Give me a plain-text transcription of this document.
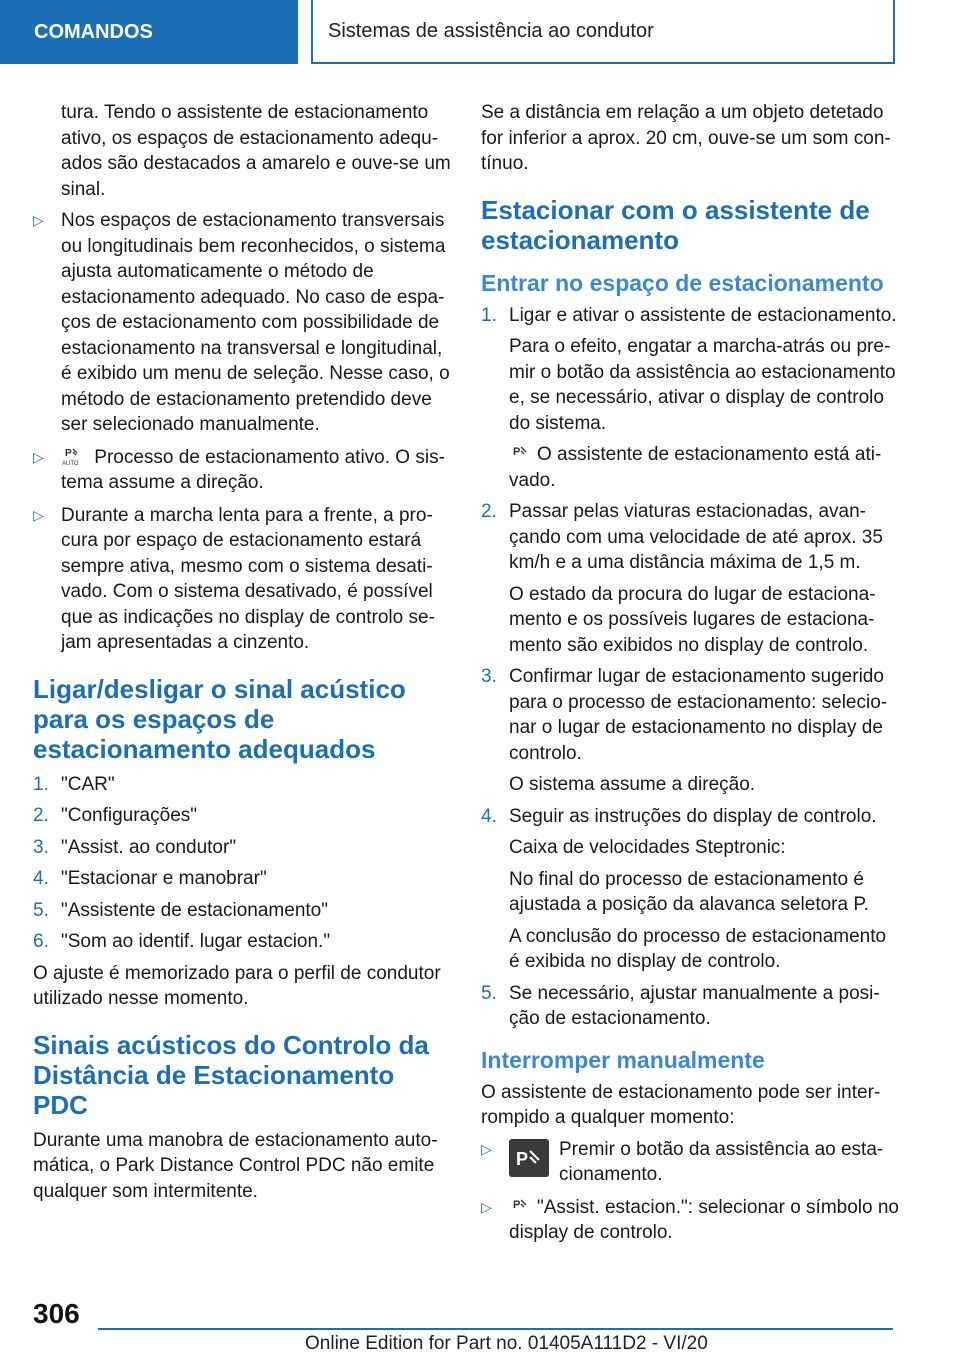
COMANDOS	Sistemas de assistência ao condutor

tura. Tendo o assistente de estacionamento ativo, os espaços de estacionamento adequados são destacados a amarelo e ouve-se um sinal.

▷ Nos espaços de estacionamento transversais ou longitudinais bem reconhecidos, o sistema ajusta automaticamente o método de estacionamento adequado. No caso de espaços de estacionamento com possibilidade de estacionamento na transversal e longitudinal, é exibido um menu de seleção. Nesse caso, o método de estacionamento pretendido deve ser selecionado manualmente.
▷	P
AUTO Processo de estacionamento ativo. O sistema assume a direção.
▷ Durante a marcha lenta para a frente, a procura por espaço de estacionamento estará sempre ativa, mesmo com o sistema desativado. Com o sistema desativado, é possível que as indicações no display de controlo sejam apresentadas a cinzento.
Ligar/desligar o sinal acústico para os espaços de estacionamento adequados
1. "CAR"
2. "Configurações"
3. "Assist. ao condutor"
4. "Estacionar e manobrar"
5. "Assistente de estacionamento"
6. "Som ao identif. lugar estacion."

O ajuste é memorizado para o perfil de condutor utilizado nesse momento.

Sinais acústicos do Controlo da Distância de Estacionamento PDC

Durante uma manobra de estacionamento automática, o Park Distance Control PDC não emite qualquer som intermitente.

Se a distância em relação a um objeto detetado for inferior a aprox. 20 cm, ouve-se um som contínuo.

Estacionar com o assistente de estacionamento
Entrar no espaço de estacionamento
1. Ligar e ativar o assistente de estacionamento.

Para o efeito, engatar a marcha-atrás ou premir o botão da assistência ao estacionamento e, se necessário, ativar o display de controlo do sistema.

P O assistente de estacionamento está ativado.

2. Passar pelas viaturas estacionadas, avançando com uma velocidade de até aprox. 35 km/h e a uma distância máxima de 1,5 m.

O estado da procura do lugar de estacionamento e os possíveis lugares de estacionamento são exibidos no display de controlo.

3. Confirmar lugar de estacionamento sugerido para o processo de estacionamento: selecionar o lugar de estacionamento no display de controlo.

O sistema assume a direção.

4. Seguir as instruções do display de controlo.

Caixa de velocidades Steptronic:

No final do processo de estacionamento é ajustada a posição da alavanca seletora P.

A conclusão do processo de estacionamento é exibida no display de controlo.

5. Se necessário, ajustar manualmente a posição de estacionamento.
Interromper manualmente

O assistente de estacionamento pode ser interrompido a qualquer momento:

▷	P Premir o botão da assistência ao estacionamento.
▷	P "Assist. estacion.": selecionar o símbolo no display de controlo.
306
Online Edition for Part no. 01405A111D2 - VI/20
